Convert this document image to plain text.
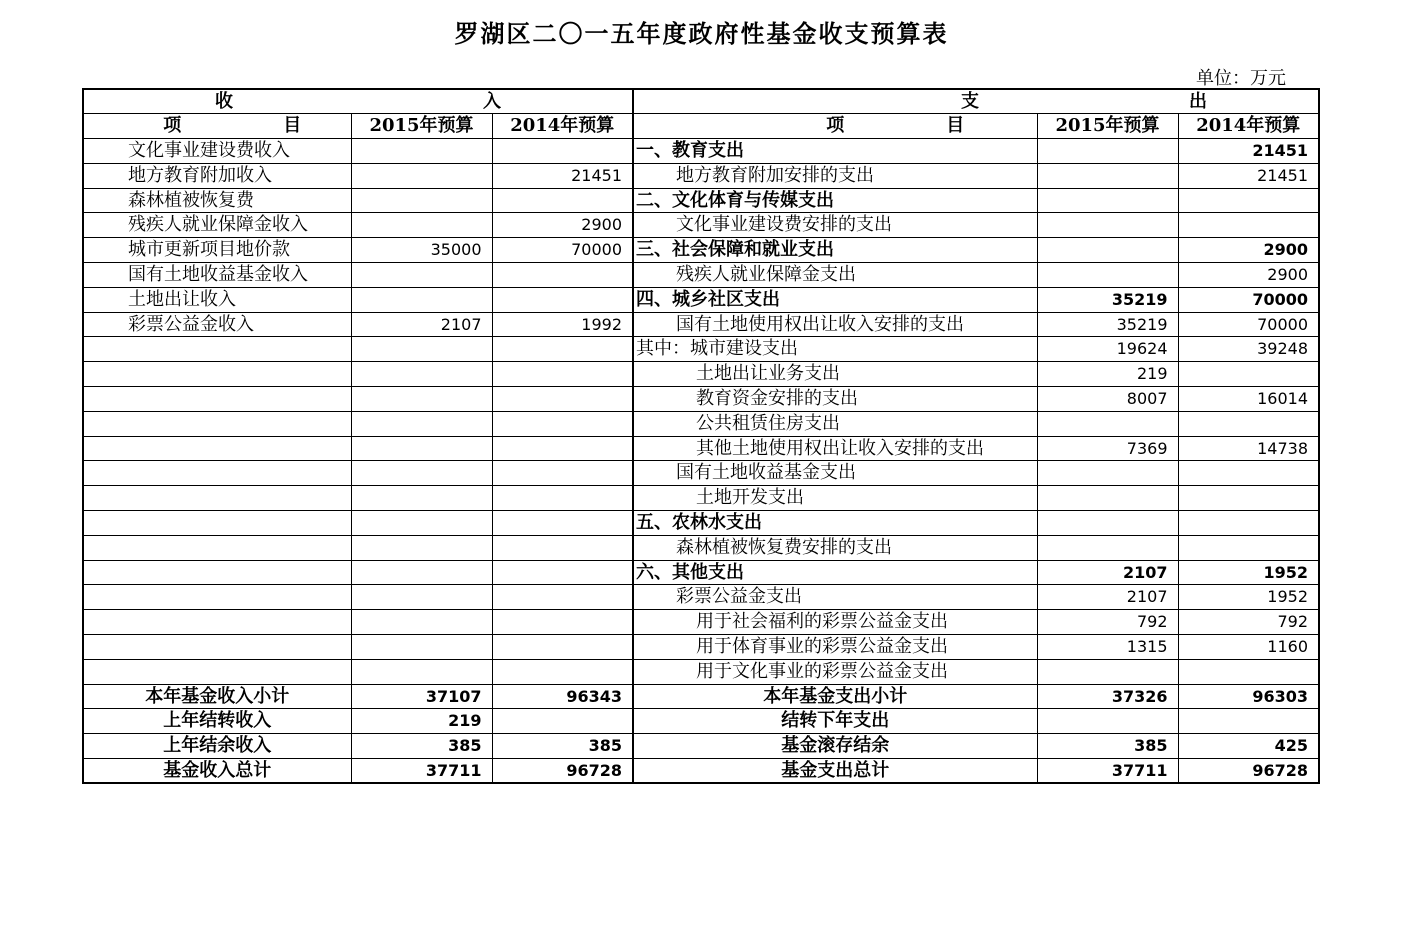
罗湖区二〇一五年度政府性基金收支预算表
单位：万元
收 入			支 出		
项 目	2015年预算	2014年预算	项 目	2015年预算	2014年预算
文化事业建设费收入			一、教育支出		21451
地方教育附加收入		21451	地方教育附加安排的支出		21451
森林植被恢复费			二、文化体育与传媒支出		
残疾人就业保障金收入		2900	文化事业建设费安排的支出		
城市更新项目地价款	35000	70000	三、社会保障和就业支出		2900
国有土地收益基金收入			残疾人就业保障金支出		2900
土地出让收入			四、城乡社区支出	35219	70000
彩票公益金收入	2107	1992	国有土地使用权出让收入安排的支出	35219	70000
			其中：城市建设支出	19624	39248
			土地出让业务支出	219	
			教育资金安排的支出	8007	16014
			公共租赁住房支出		
			其他土地使用权出让收入安排的支出	7369	14738
			国有土地收益基金支出		
			土地开发支出		
			五、农林水支出		
			森林植被恢复费安排的支出		
			六、其他支出	2107	1952
			彩票公益金支出	2107	1952
			用于社会福利的彩票公益金支出	792	792
			用于体育事业的彩票公益金支出	1315	1160
			用于文化事业的彩票公益金支出		
本年基金收入小计	37107	96343	本年基金支出小计	37326	96303
上年结转收入	219		结转下年支出		
上年结余收入	385	385	基金滚存结余	385	425
基金收入总计	37711	96728	基金支出总计	37711	96728
